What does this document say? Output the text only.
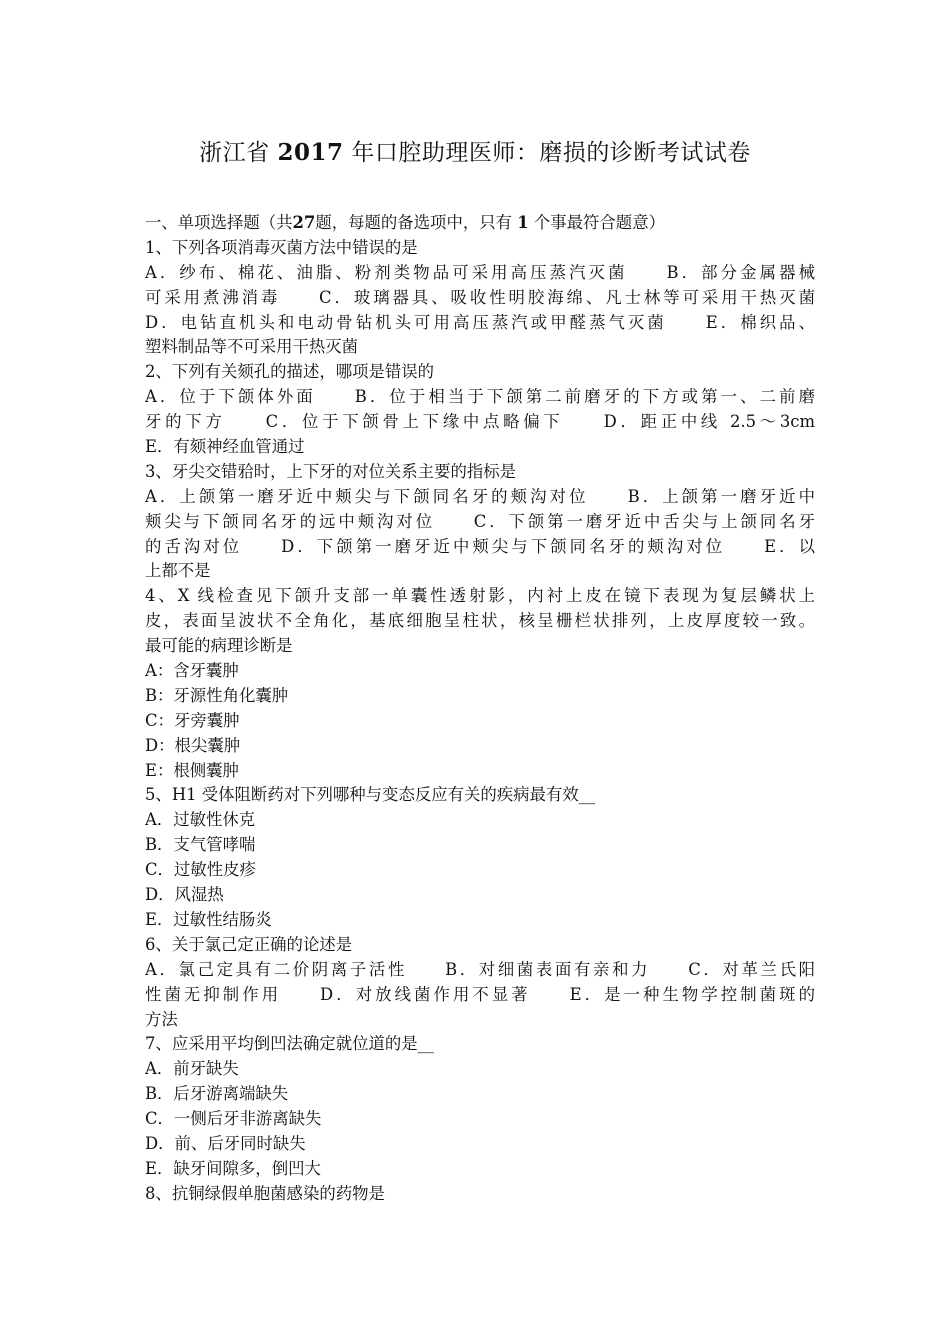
浙江省 2017 年口腔助理医师：磨损的诊断考试试卷
一、单项选择题（共27题，每题的备选项中，只有 1 个事最符合题意）
1、下列各项消毒灭菌方法中错误的是
A．纱布、棉花、油脂、粉剂类物品可采用高压蒸汽灭菌　　B．部分金属器械
可采用煮沸消毒　　C．玻璃器具、吸收性明胶海绵、凡士林等可采用干热灭菌
D．电钻直机头和电动骨钻机头可用高压蒸汽或甲醛蒸气灭菌　　E．棉织品、
塑料制品等不可采用干热灭菌
2、下列有关颏孔的描述，哪项是错误的
A．位于下颌体外面　　B．位于相当于下颌第二前磨牙的下方或第一、二前磨
牙的下方　　C．位于下颌骨上下缘中点略偏下　　D．距正中线 2.5～3cm
E．有颏神经血管通过
3、牙尖交错𬌗时，上下牙的对位关系主要的指标是
A．上颌第一磨牙近中颊尖与下颌同名牙的颊沟对位　　B．上颌第一磨牙近中
颊尖与下颌同名牙的远中颊沟对位　　C．下颌第一磨牙近中舌尖与上颌同名牙
的舌沟对位　　D．下颌第一磨牙近中颊尖与下颌同名牙的颊沟对位　　E．以
上都不是
4、X 线检查见下颌升支部一单囊性透射影，内衬上皮在镜下表现为复层鳞状上
皮，表面呈波状不全角化，基底细胞呈柱状，核呈栅栏状排列，上皮厚度较一致。
最可能的病理诊断是
A：含牙囊肿
B：牙源性角化囊肿
C：牙旁囊肿
D：根尖囊肿
E：根侧囊肿
5、H1 受体阻断药对下列哪种与变态反应有关的疾病最有效__
A．过敏性休克
B．支气管哮喘
C．过敏性皮疹
D．风湿热
E．过敏性结肠炎
6、关于氯己定正确的论述是
A．氯己定具有二价阴离子活性　　B．对细菌表面有亲和力　　C．对革兰氏阳
性菌无抑制作用　　D．对放线菌作用不显著　　E．是一种生物学控制菌斑的
方法
7、应采用平均倒凹法确定就位道的是__
A．前牙缺失
B．后牙游离端缺失
C．一侧后牙非游离缺失
D．前、后牙同时缺失
E．缺牙间隙多，倒凹大
8、抗铜绿假单胞菌感染的药物是
